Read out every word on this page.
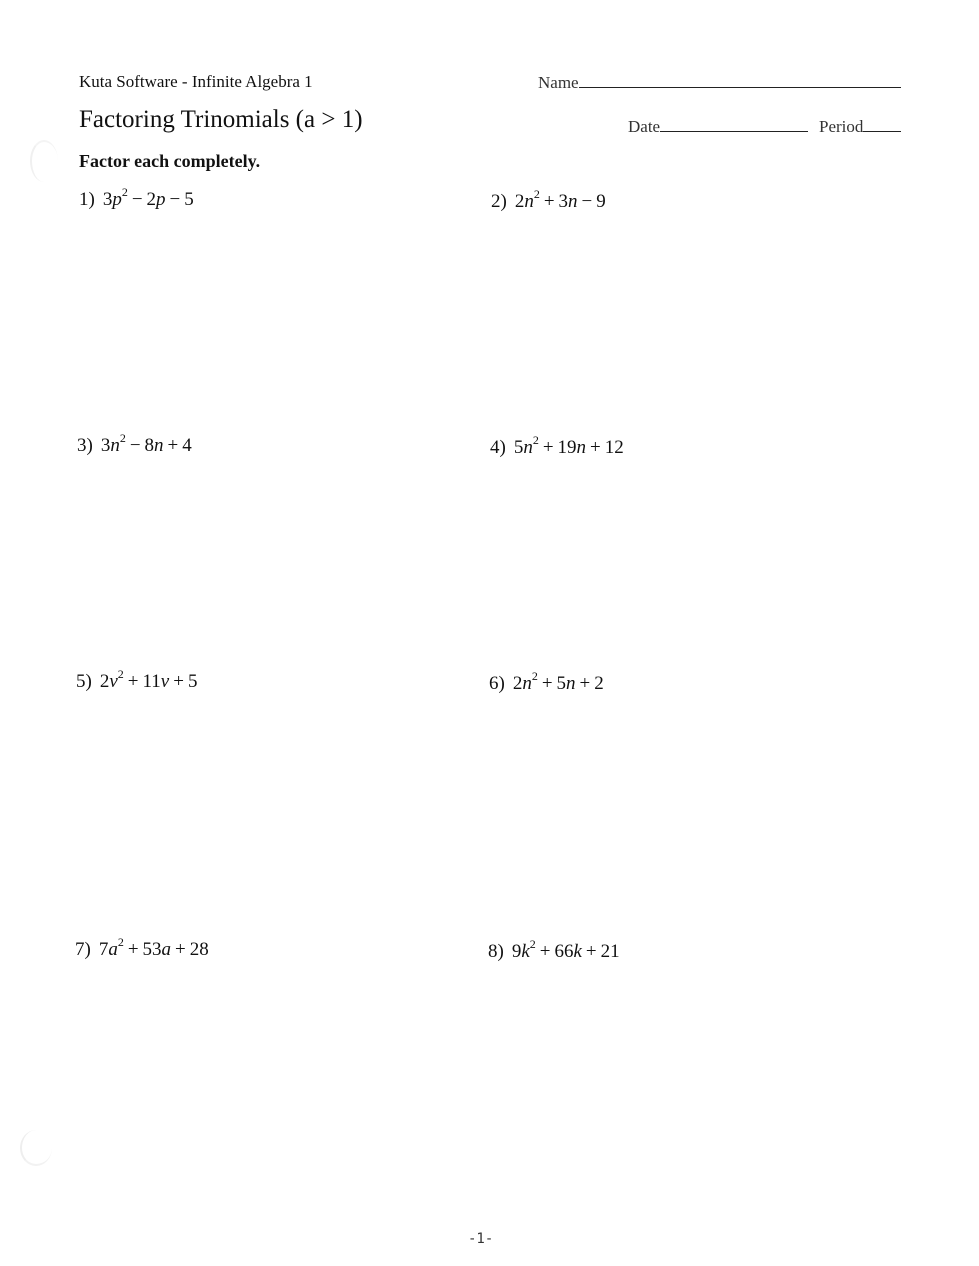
Kuta Software - Infinite Algebra 1
Factoring Trinomials (a > 1)
Factor each completely.
Name
Date	Period
1) $3p^2 - 2p - 5$	2) $2n^2 + 3n - 9$
3) $3n^2 - 8n + 4$	4) $5n^2 + 19n + 12$
5) $2v^2 + 11v + 5$	6) $2n^2 + 5n + 2$
7) $7a^2 + 53a + 28$	8) $9k^2 + 66k + 21$
-1-
